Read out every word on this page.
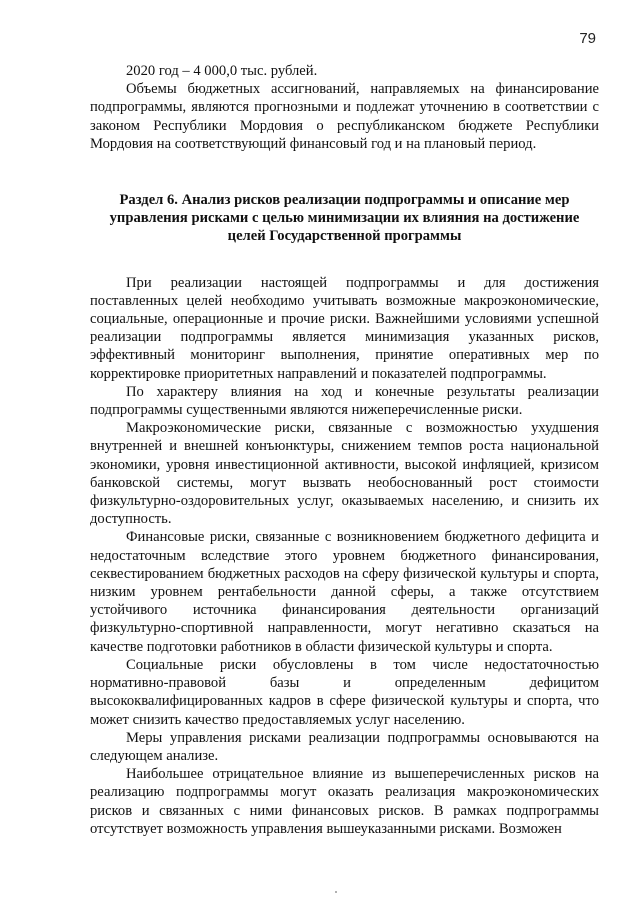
79

2020 год – 4 000,0 тыс. рублей.

Объемы бюджетных ассигнований, направляемых на финансирование подпрограммы, являются прогнозными и подлежат уточнению в соответствии с законом Республики Мордовия о республиканском бюджете Республики Мордовия на соответствующий финансовый год и на плановый период.

Раздел 6. Анализ рисков реализации подпрограммы и описание мер управления рисками с целью минимизации их влияния на достижение целей Государственной программы

При реализации настоящей подпрограммы и для достижения поставленных целей необходимо учитывать возможные макроэкономические, социальные, операционные и прочие риски. Важнейшими условиями успешной реализации подпрограммы является минимизация указанных рисков, эффективный мониторинг выполнения, принятие оперативных мер по корректировке приоритетных направлений и показателей подпрограммы.

По характеру влияния на ход и конечные результаты реализации подпрограммы существенными являются нижеперечисленные риски.

Макроэкономические риски, связанные с возможностью ухудшения внутренней и внешней конъюнктуры, снижением темпов роста национальной экономики, уровня инвестиционной активности, высокой инфляцией, кризисом банковской системы, могут вызвать необоснованный рост стоимости физкультурно-оздоровительных услуг, оказываемых населению, и снизить их доступность.

Финансовые риски, связанные с возникновением бюджетного дефицита и недостаточным вследствие этого уровнем бюджетного финансирования, секвестированием бюджетных расходов на сферу физической культуры и спорта, низким уровнем рентабельности данной сферы, а также отсутствием устойчивого источника финансирования деятельности организаций физкультурно-спортивной направленности, могут негативно сказаться на качестве подготовки работников в области физической культуры и спорта.

Социальные риски обусловлены в том числе недостаточностью нормативно-правовой базы и определенным дефицитом высококвалифицированных кадров в сфере физической культуры и спорта, что может снизить качество предоставляемых услуг населению.

Меры управления рисками реализации подпрограммы основываются на следующем анализе.

Наибольшее отрицательное влияние из вышеперечисленных рисков на реализацию подпрограммы могут оказать реализация макроэкономических рисков и связанных с ними финансовых рисков. В рамках подпрограммы отсутствует возможность управления вышеуказанными рисками. Возможен
